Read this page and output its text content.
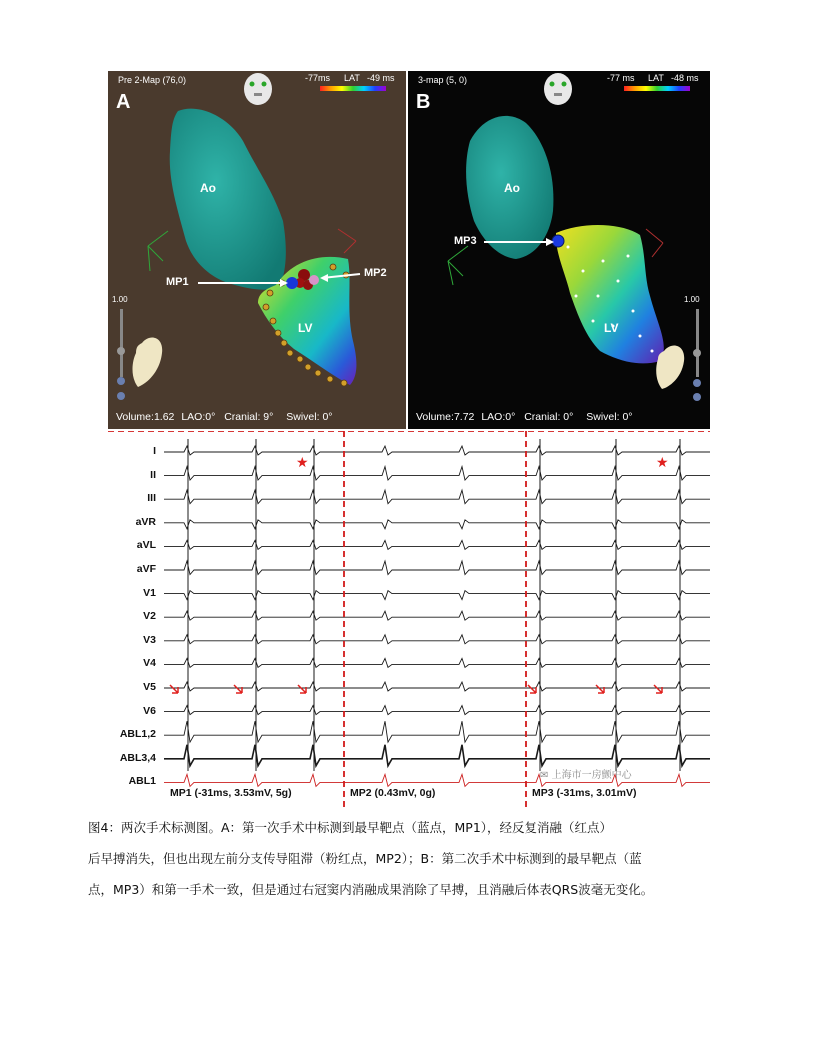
Pre 2-Map (76,0)
A
-77ms LAT -49 ms
Ao
LV
MP1
MP2
1.00
Volume:1.62 LAO:0° Cranial: 9° Swivel: 0°
3-map (5, 0)
B
-77 ms LAT -48 ms
Ao
LV
MP3
1.00
Volume:7.72 LAO:0° Cranial: 0° Swivel: 0°
★	★
I
II
III
aVR
aVL
aVF
V1
V2
V3
V4
V5
V6
ABL1,2
ABL3,4
ABL1
MP1 (-31ms, 3.53mV, 5g)	MP2 (0.43mV, 0g)	MP3 (-31ms, 3.01mV)
✉ 上海市一房颤中心
图4：两次手术标测图。A：第一次手术中标测到最早靶点（蓝点，MP1），经反复消融（红点）
后早搏消失，但也出现左前分支传导阻滞（粉红点，MP2）；B：第二次手术中标测到的最早靶点（蓝
点，MP3）和第一手术一致，但是通过右冠窦内消融成果消除了早搏，且消融后体表QRS波毫无变化。
